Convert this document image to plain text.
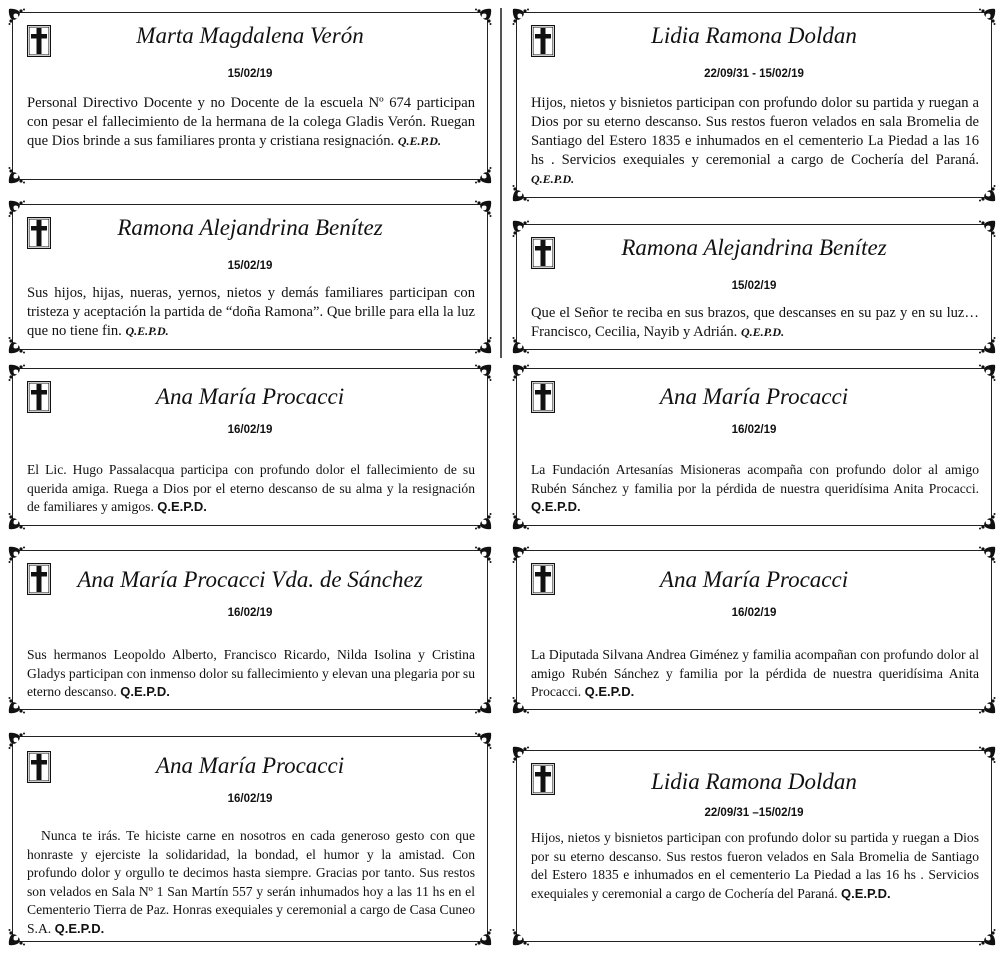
Marta Magdalena Verón
15/02/19
Personal Directivo Docente y no Docente de la escuela Nº 674 participan con pesar el fallecimiento de la hermana de la colega Gladis Verón. Ruegan que Dios brinde a sus familiares pronta y cristiana resignación. Q.E.P.D.
Lidia Ramona Doldan
22/09/31 - 15/02/19
Hijos, nietos y bisnietos participan con profundo dolor su partida y ruegan a Dios por su eterno descanso. Sus restos fueron velados en sala Bromelia de Santiago del Estero 1835 e inhumados en el cementerio La Piedad a las 16 hs . Servicios exequiales y ceremonial a cargo de Cochería del Paraná. Q.E.P.D.
Ramona Alejandrina Benítez
15/02/19
Sus hijos, hijas, nueras, yernos, nietos y demás familiares participan con tristeza y aceptación la partida de “doña Ramona”. Que brille para ella la luz que no tiene fin. Q.E.P.D.
Ramona Alejandrina Benítez
15/02/19
Que el Señor te reciba en sus brazos, que descanses en su paz y en su luz… Francisco, Cecilia, Nayib y Adrián. Q.E.P.D.
Ana María Procacci
16/02/19
El Lic. Hugo Passalacqua participa con profundo dolor el fallecimiento de su querida amiga. Ruega a Dios por el eterno descanso de su alma y la resignación de familiares y amigos. Q.E.P.D.
Ana María Procacci
16/02/19
La Fundación Artesanías Misioneras acompaña con profundo dolor al amigo Rubén Sánchez y familia por la pérdida de nuestra queridísima Anita Procacci. Q.E.P.D.
Ana María Procacci Vda. de Sánchez
16/02/19
Sus hermanos Leopoldo Alberto, Francisco Ricardo, Nilda Isolina y Cristina Gladys participan con inmenso dolor su fallecimiento y elevan una plegaria por su eterno descanso. Q.E.P.D.
Ana María Procacci
16/02/19
La Diputada Silvana Andrea Giménez y familia acompañan con profundo dolor al amigo Rubén Sánchez y familia por la pérdida de nuestra queridísima Anita Procacci. Q.E.P.D.
Ana María Procacci
16/02/19
Nunca te irás. Te hiciste carne en nosotros en cada generoso gesto con que honraste y ejerciste la solidaridad, la bondad, el humor y la amistad. Con profundo dolor y orgullo te decimos hasta siempre. Gracias por tanto. Sus restos son velados en Sala Nº 1 San Martín 557 y serán inhumados hoy a las 11 hs en el Cementerio Tierra de Paz. Honras exequiales y ceremonial a cargo de Casa Cuneo S.A. Q.E.P.D.
Lidia Ramona Doldan
22/09/31 –15/02/19
Hijos, nietos y bisnietos participan con profundo dolor su partida y ruegan a Dios por su eterno descanso. Sus restos fueron velados en Sala Bromelia de Santiago del Estero 1835 e inhumados en el cementerio La Piedad a las 16 hs . Servicios exequiales y ceremonial a cargo de Cochería del Paraná. Q.E.P.D.
